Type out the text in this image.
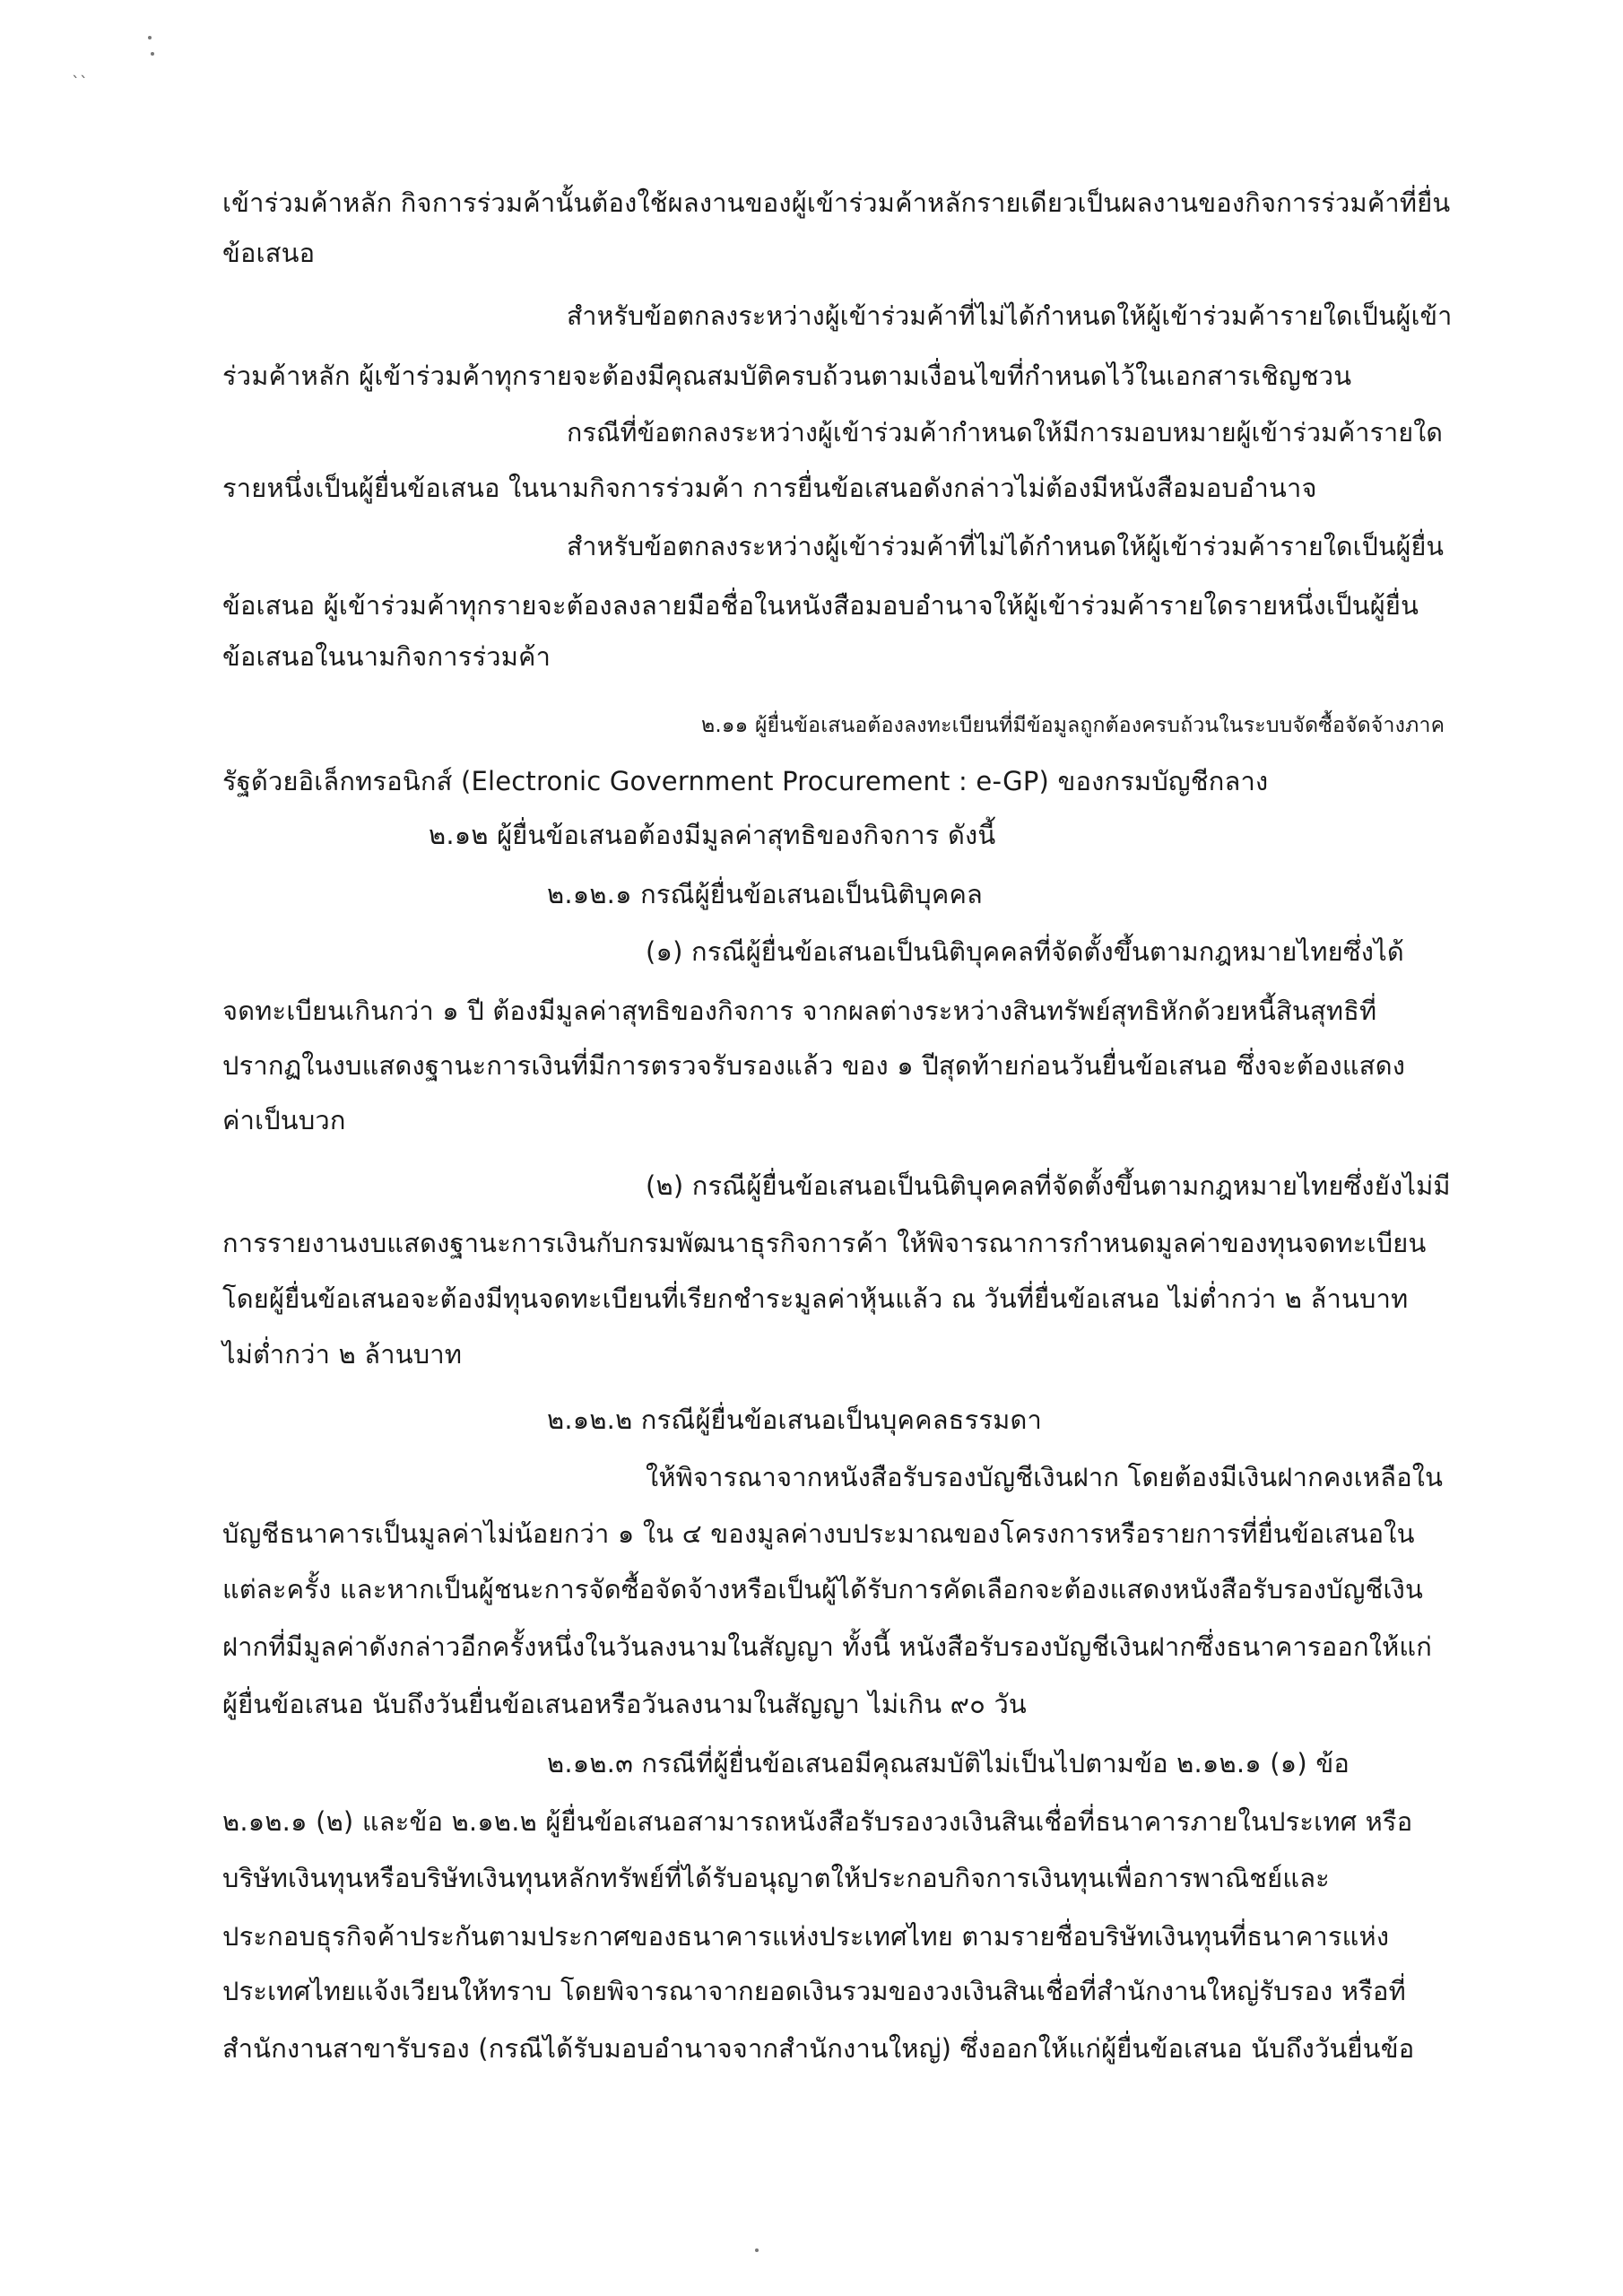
``
เข้าร่วมค้าหลัก กิจการร่วมค้านั้นต้องใช้ผลงานของผู้เข้าร่วมค้าหลักรายเดียวเป็นผลงานของกิจการร่วมค้าที่ยื่น
ข้อเสนอ
สำหรับข้อตกลงระหว่างผู้เข้าร่วมค้าที่ไม่ได้กำหนดให้ผู้เข้าร่วมค้ารายใดเป็นผู้เข้า
ร่วมค้าหลัก ผู้เข้าร่วมค้าทุกรายจะต้องมีคุณสมบัติครบถ้วนตามเงื่อนไขที่กำหนดไว้ในเอกสารเชิญชวน
กรณีที่ข้อตกลงระหว่างผู้เข้าร่วมค้ากำหนดให้มีการมอบหมายผู้เข้าร่วมค้ารายใด
รายหนึ่งเป็นผู้ยื่นข้อเสนอ ในนามกิจการร่วมค้า การยื่นข้อเสนอดังกล่าวไม่ต้องมีหนังสือมอบอำนาจ
สำหรับข้อตกลงระหว่างผู้เข้าร่วมค้าที่ไม่ได้กำหนดให้ผู้เข้าร่วมค้ารายใดเป็นผู้ยื่น
ข้อเสนอ ผู้เข้าร่วมค้าทุกรายจะต้องลงลายมือชื่อในหนังสือมอบอำนาจให้ผู้เข้าร่วมค้ารายใดรายหนึ่งเป็นผู้ยื่น
ข้อเสนอในนามกิจการร่วมค้า
๒.๑๑ ผู้ยื่นข้อเสนอต้องลงทะเบียนที่มีข้อมูลถูกต้องครบถ้วนในระบบจัดซื้อจัดจ้างภาค
รัฐด้วยอิเล็กทรอนิกส์ (Electronic Government Procurement : e-GP) ของกรมบัญชีกลาง
๒.๑๒ ผู้ยื่นข้อเสนอต้องมีมูลค่าสุทธิของกิจการ ดังนี้
๒.๑๒.๑ กรณีผู้ยื่นข้อเสนอเป็นนิติบุคคล
(๑) กรณีผู้ยื่นข้อเสนอเป็นนิติบุคคลที่จัดตั้งขึ้นตามกฎหมายไทยซึ่งได้
จดทะเบียนเกินกว่า ๑ ปี ต้องมีมูลค่าสุทธิของกิจการ จากผลต่างระหว่างสินทรัพย์สุทธิหักด้วยหนี้สินสุทธิที่
ปรากฏในงบแสดงฐานะการเงินที่มีการตรวจรับรองแล้ว ของ ๑ ปีสุดท้ายก่อนวันยื่นข้อเสนอ ซึ่งจะต้องแสดง
ค่าเป็นบวก
(๒) กรณีผู้ยื่นข้อเสนอเป็นนิติบุคคลที่จัดตั้งขึ้นตามกฎหมายไทยซึ่งยังไม่มี
การรายงานงบแสดงฐานะการเงินกับกรมพัฒนาธุรกิจการค้า ให้พิจารณาการกำหนดมูลค่าของทุนจดทะเบียน
โดยผู้ยื่นข้อเสนอจะต้องมีทุนจดทะเบียนที่เรียกชำระมูลค่าหุ้นแล้ว ณ วันที่ยื่นข้อเสนอ ไม่ต่ำกว่า ๒ ล้านบาท
ไม่ต่ำกว่า ๒ ล้านบาท
๒.๑๒.๒ กรณีผู้ยื่นข้อเสนอเป็นบุคคลธรรมดา
ให้พิจารณาจากหนังสือรับรองบัญชีเงินฝาก โดยต้องมีเงินฝากคงเหลือใน
บัญชีธนาคารเป็นมูลค่าไม่น้อยกว่า ๑ ใน ๔ ของมูลค่างบประมาณของโครงการหรือรายการที่ยื่นข้อเสนอใน
แต่ละครั้ง และหากเป็นผู้ชนะการจัดซื้อจัดจ้างหรือเป็นผู้ได้รับการคัดเลือกจะต้องแสดงหนังสือรับรองบัญชีเงิน
ฝากที่มีมูลค่าดังกล่าวอีกครั้งหนึ่งในวันลงนามในสัญญา ทั้งนี้ หนังสือรับรองบัญชีเงินฝากซึ่งธนาคารออกให้แก่
ผู้ยื่นข้อเสนอ นับถึงวันยื่นข้อเสนอหรือวันลงนามในสัญญา ไม่เกิน ๙๐ วัน
๒.๑๒.๓ กรณีที่ผู้ยื่นข้อเสนอมีคุณสมบัติไม่เป็นไปตามข้อ ๒.๑๒.๑ (๑) ข้อ
๒.๑๒.๑ (๒) และข้อ ๒.๑๒.๒ ผู้ยื่นข้อเสนอสามารถหนังสือรับรองวงเงินสินเชื่อที่ธนาคารภายในประเทศ หรือ
บริษัทเงินทุนหรือบริษัทเงินทุนหลักทรัพย์ที่ได้รับอนุญาตให้ประกอบกิจการเงินทุนเพื่อการพาณิชย์และ
ประกอบธุรกิจค้าประกันตามประกาศของธนาคารแห่งประเทศไทย ตามรายชื่อบริษัทเงินทุนที่ธนาคารแห่ง
ประเทศไทยแจ้งเวียนให้ทราบ โดยพิจารณาจากยอดเงินรวมของวงเงินสินเชื่อที่สำนักงานใหญ่รับรอง หรือที่
สำนักงานสาขารับรอง (กรณีได้รับมอบอำนาจจากสำนักงานใหญ่) ซึ่งออกให้แก่ผู้ยื่นข้อเสนอ นับถึงวันยื่นข้อ
